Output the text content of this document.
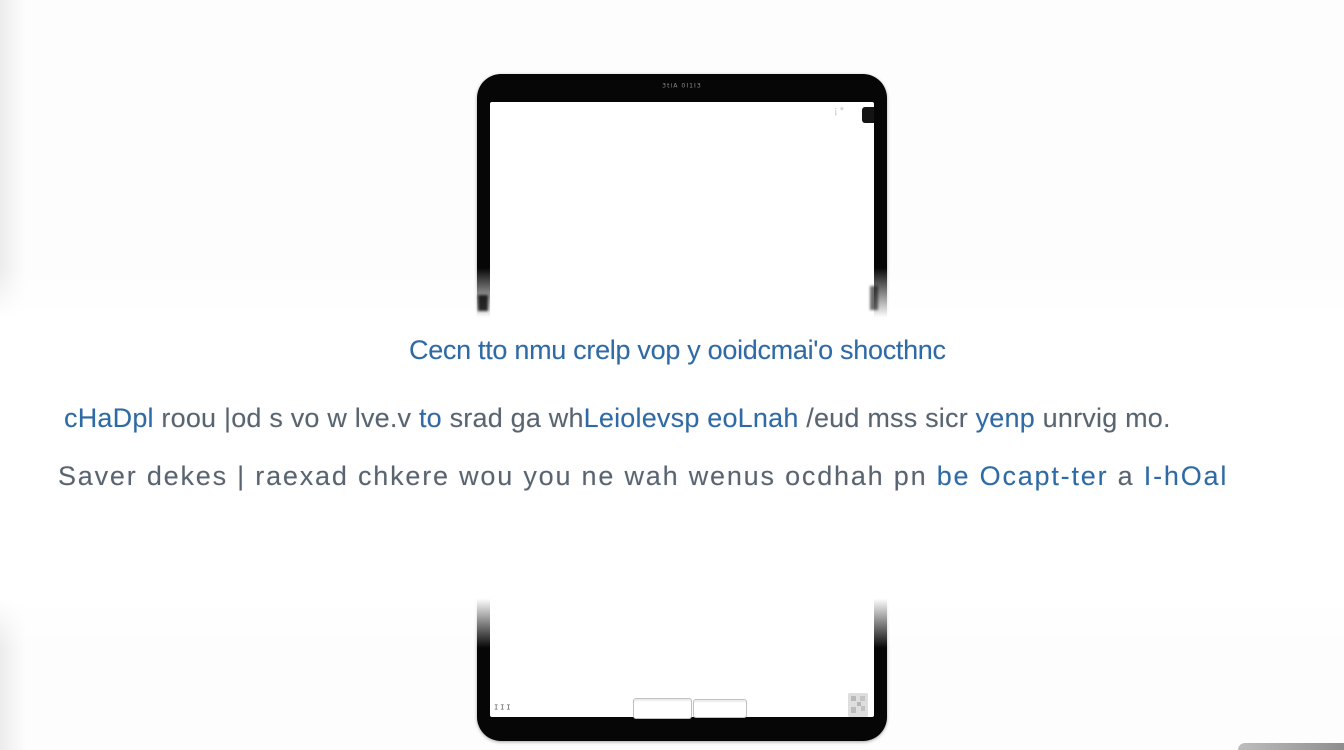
3tiA 0I1I3
¡*
III
Cecn tto nmu crelp vop y ooidcmai'o shocthnc
cHaDpl roou |od s vo w lve.v to srad ga whLeiolevsp eoLnah /eud mss sicr yenp unrvig mo.
Saver dekes | raexad chkere wou you ne wah wenus ocdhah pn be Ocapt-ter a I-hOal
